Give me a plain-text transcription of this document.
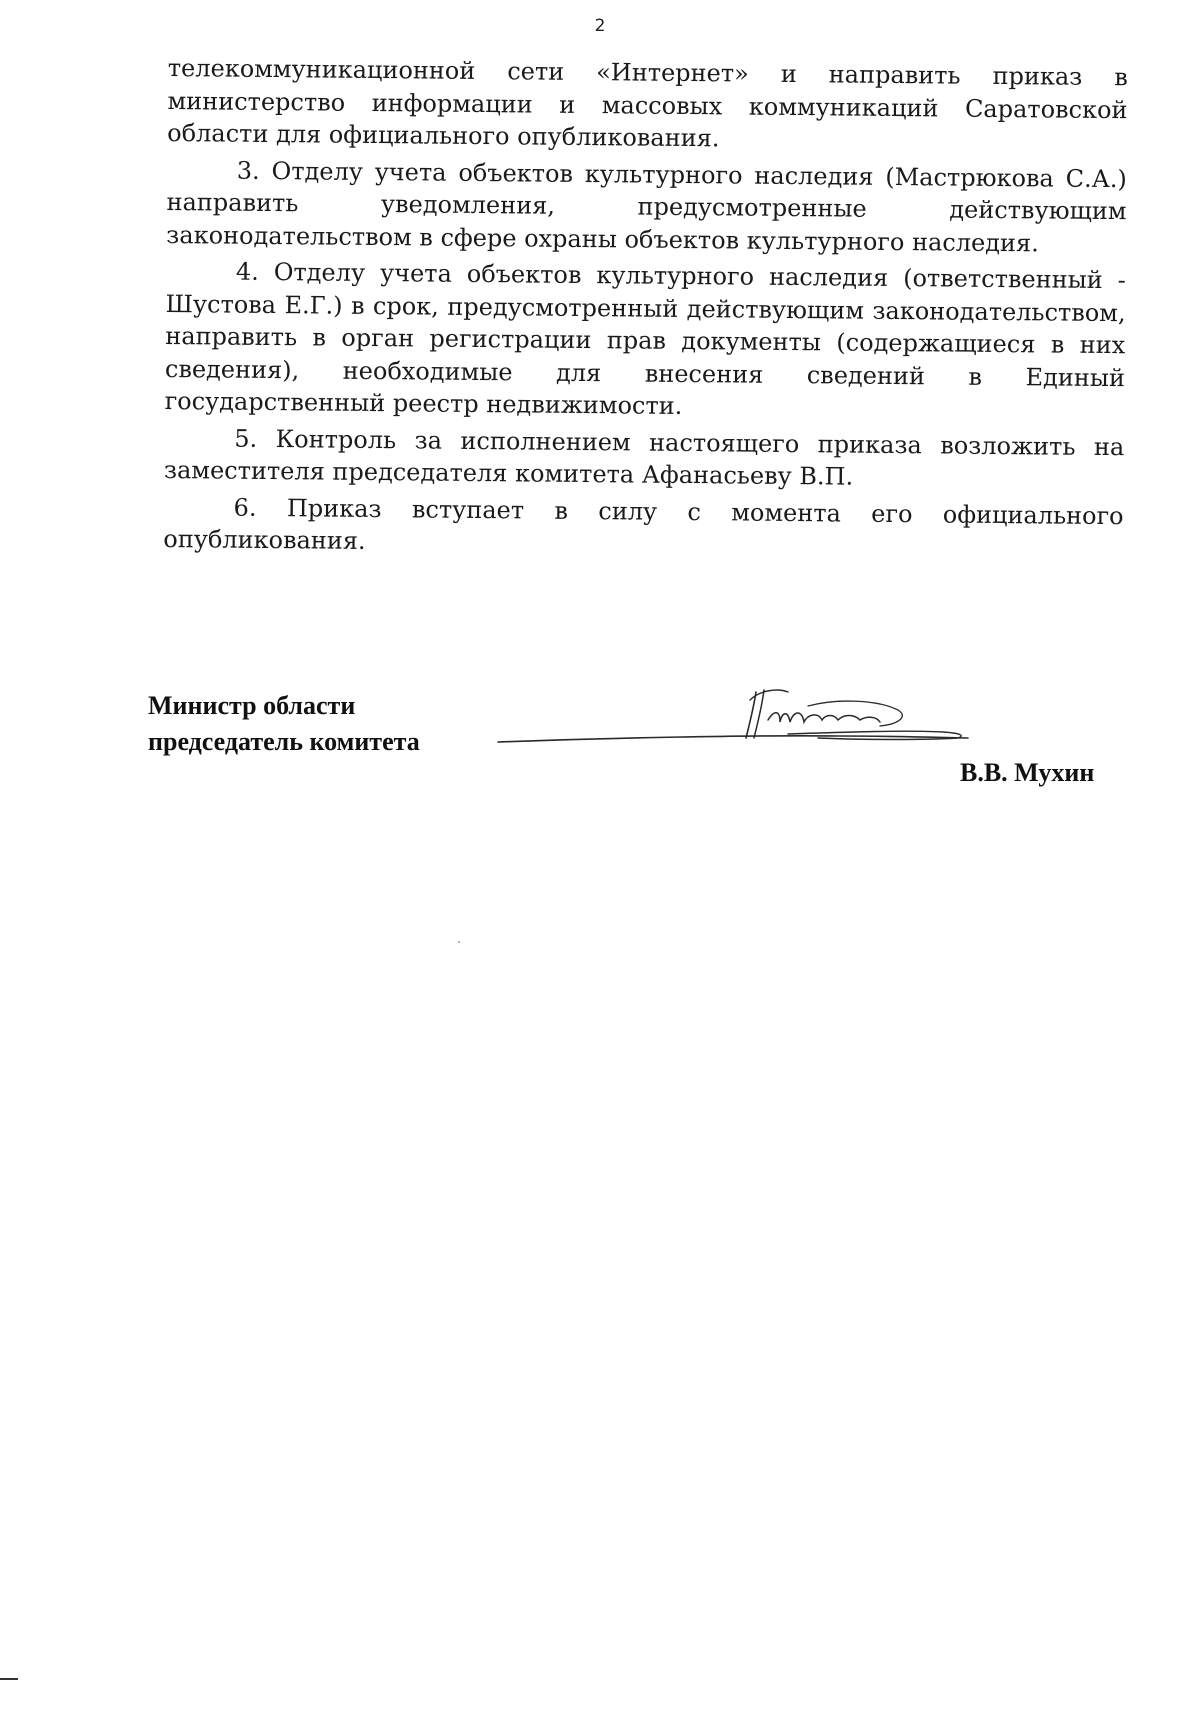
2

телекоммуникационной сети «Интернет» и направить приказ в министерство информации и массовых коммуникаций Саратовской области для официального опубликования.

3. Отделу учета объектов культурного наследия (Мастрюкова С.А.) направить уведомления, предусмотренные действующим законодательством в сфере охраны объектов культурного наследия.

4. Отделу учета объектов культурного наследия (ответственный - Шустова Е.Г.) в срок, предусмотренный действующим законодательством, направить в орган регистрации прав документы (содержащиеся в них сведения), необходимые для внесения сведений в Единый государственный реестр недвижимости.

5. Контроль за исполнением настоящего приказа возложить на заместителя председателя комитета Афанасьеву В.П.

6. Приказ вступает в силу с момента его официального опубликования.

Министр области
председатель комитета
В.В. Мухин
